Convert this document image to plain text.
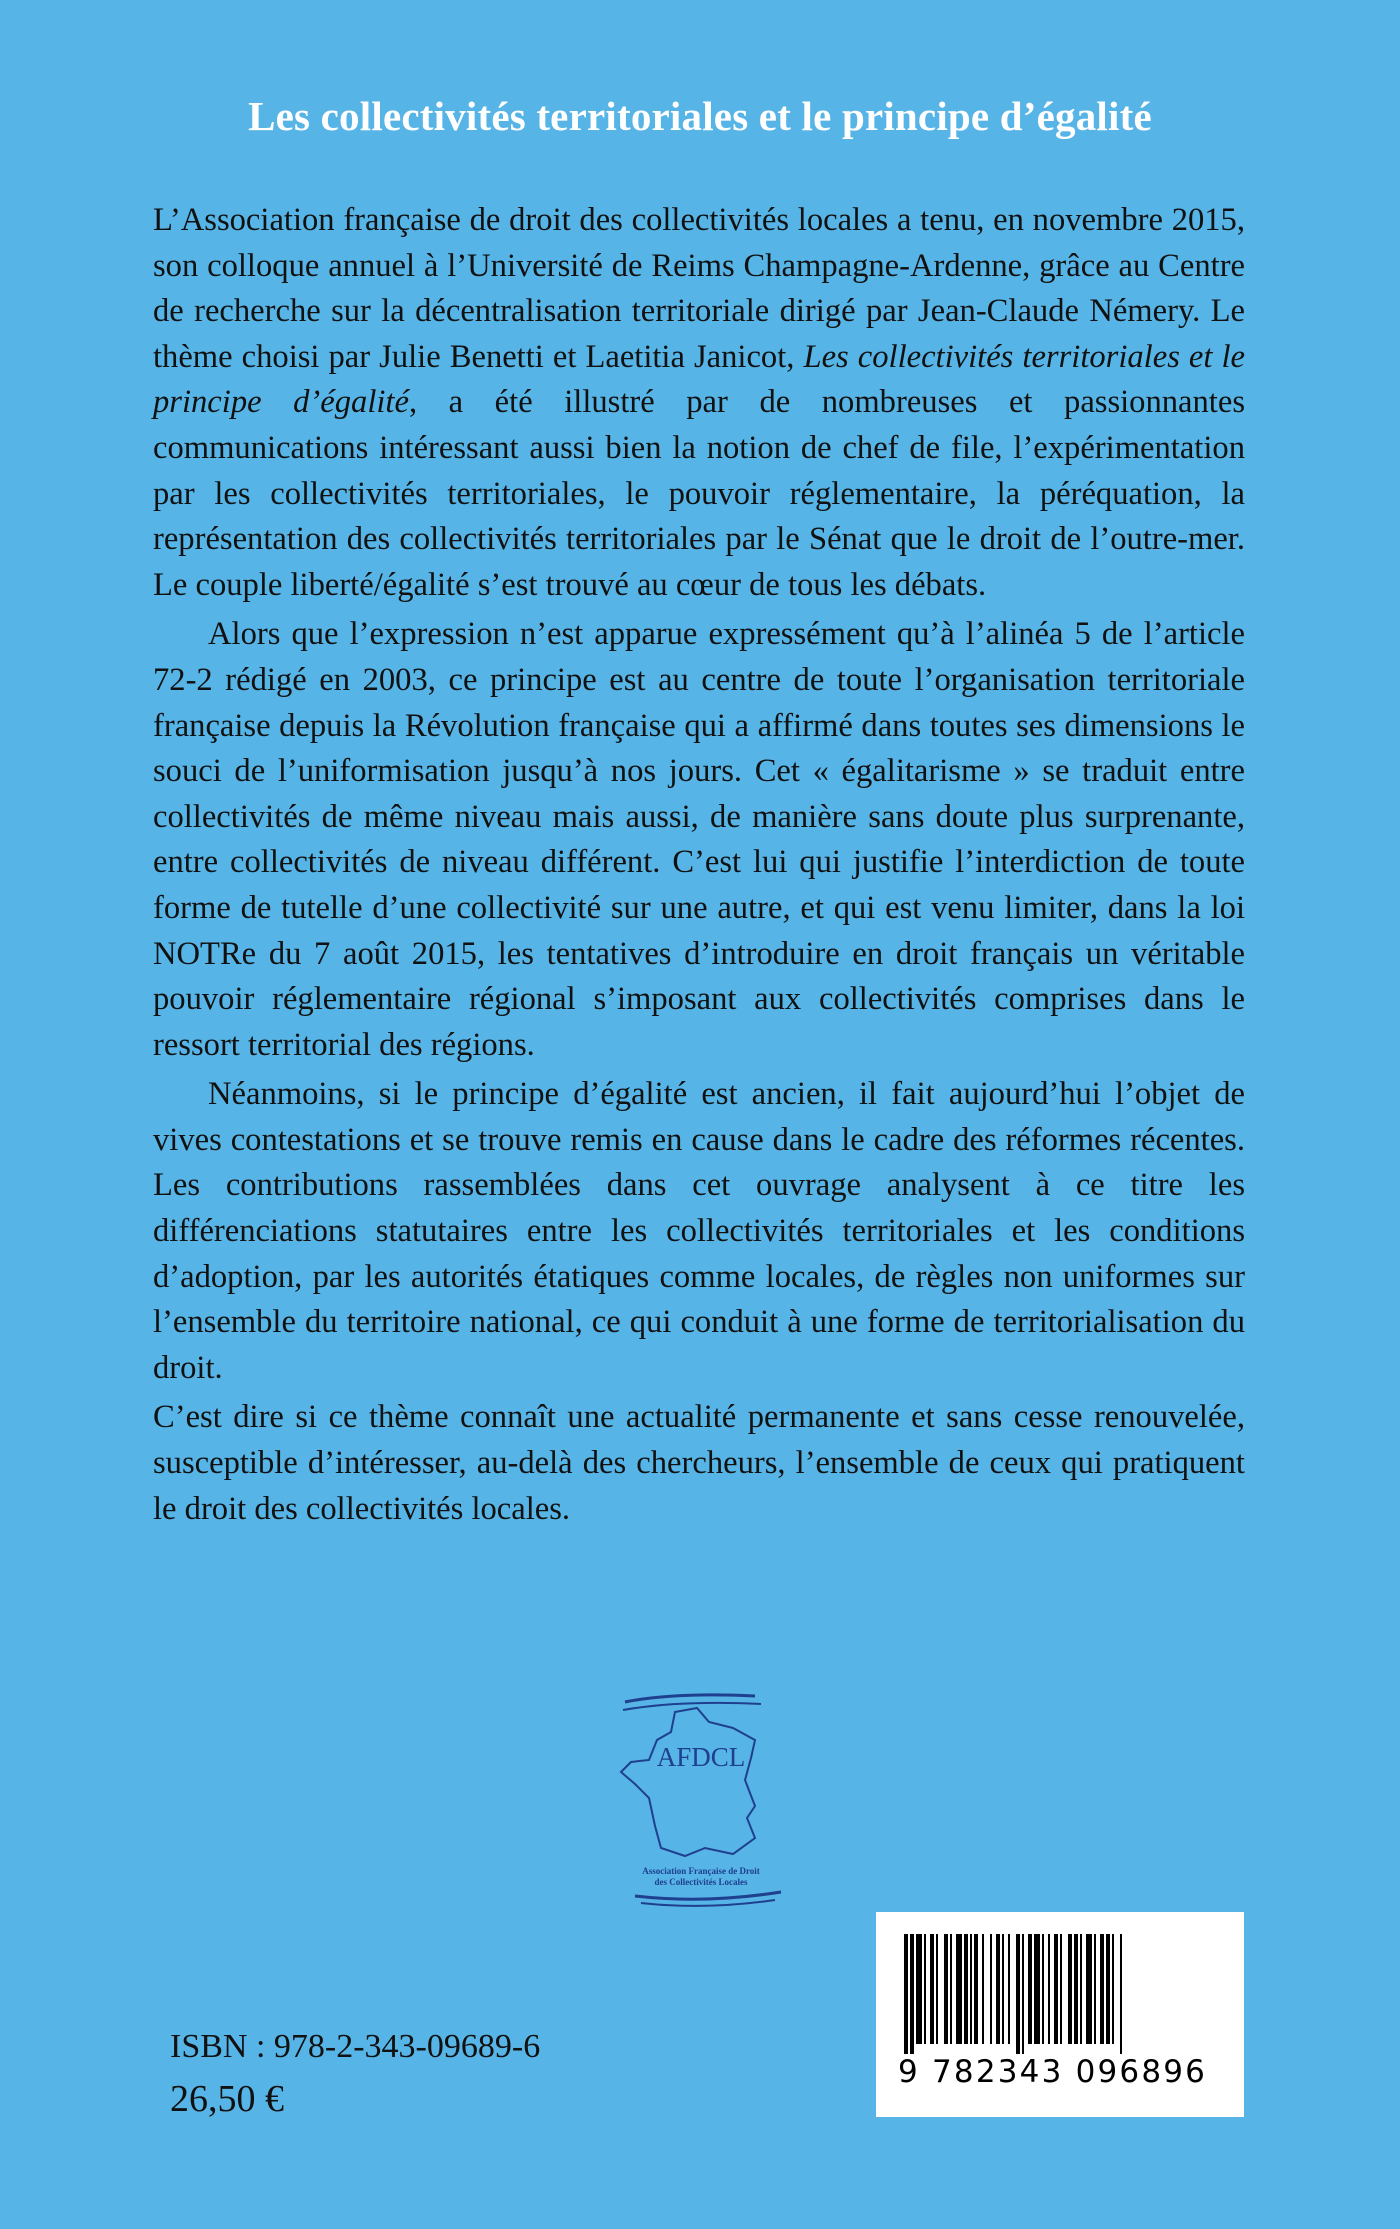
Les collectivités territoriales et le principe d’égalité

L’Association française de droit des collectivités locales a tenu, en novembre 2015, son colloque annuel à l’Université de Reims Champagne-Ardenne, grâce au Centre de recherche sur la décentralisation territoriale dirigé par Jean-Claude Némery. Le thème choisi par Julie Benetti et Laetitia Janicot, Les collectivités territoriales et le principe d’égalité, a été illustré par de nombreuses et passionnantes communications intéressant aussi bien la notion de chef de file, l’expérimentation par les collectivités territoriales, le pouvoir réglementaire, la péréquation, la représentation des collectivités territoriales par le Sénat que le droit de l’outre-mer. Le couple liberté/égalité s’est trouvé au cœur de tous les débats.

Alors que l’expression n’est apparue expressément qu’à l’alinéa 5 de l’article 72-2 rédigé en 2003, ce principe est au centre de toute l’organisation territoriale française depuis la Révolution française qui a affirmé dans toutes ses dimensions le souci de l’uniformisation jusqu’à nos jours. Cet « égalitarisme » se traduit entre collectivités de même niveau mais aussi, de manière sans doute plus surprenante, entre collectivités de niveau différent. C’est lui qui justifie l’interdiction de toute forme de tutelle d’une collectivité sur une autre, et qui est venu limiter, dans la loi NOTRe du 7 août 2015, les tentatives d’introduire en droit français un véritable pouvoir réglementaire régional s’imposant aux collectivités comprises dans le ressort territorial des régions.

Néanmoins, si le principe d’égalité est ancien, il fait aujourd’hui l’objet de vives contestations et se trouve remis en cause dans le cadre des réformes récentes. Les contributions rassemblées dans cet ouvrage analysent à ce titre les différenciations statutaires entre les collectivités territoriales et les conditions d’adoption, par les autorités étatiques comme locales, de règles non uniformes sur l’ensemble du territoire national, ce qui conduit à une forme de territorialisation du droit.

C’est dire si ce thème connaît une actualité permanente et sans cesse renouvelée, susceptible d’intéresser, au-delà des chercheurs, l’ensemble de ceux qui pratiquent le droit des collectivités locales.

AFDCL
Association Française de Droit
des Collectivités Locales
9 782343 096896
ISBN : 978-2-343-09689-6
26,50 €
